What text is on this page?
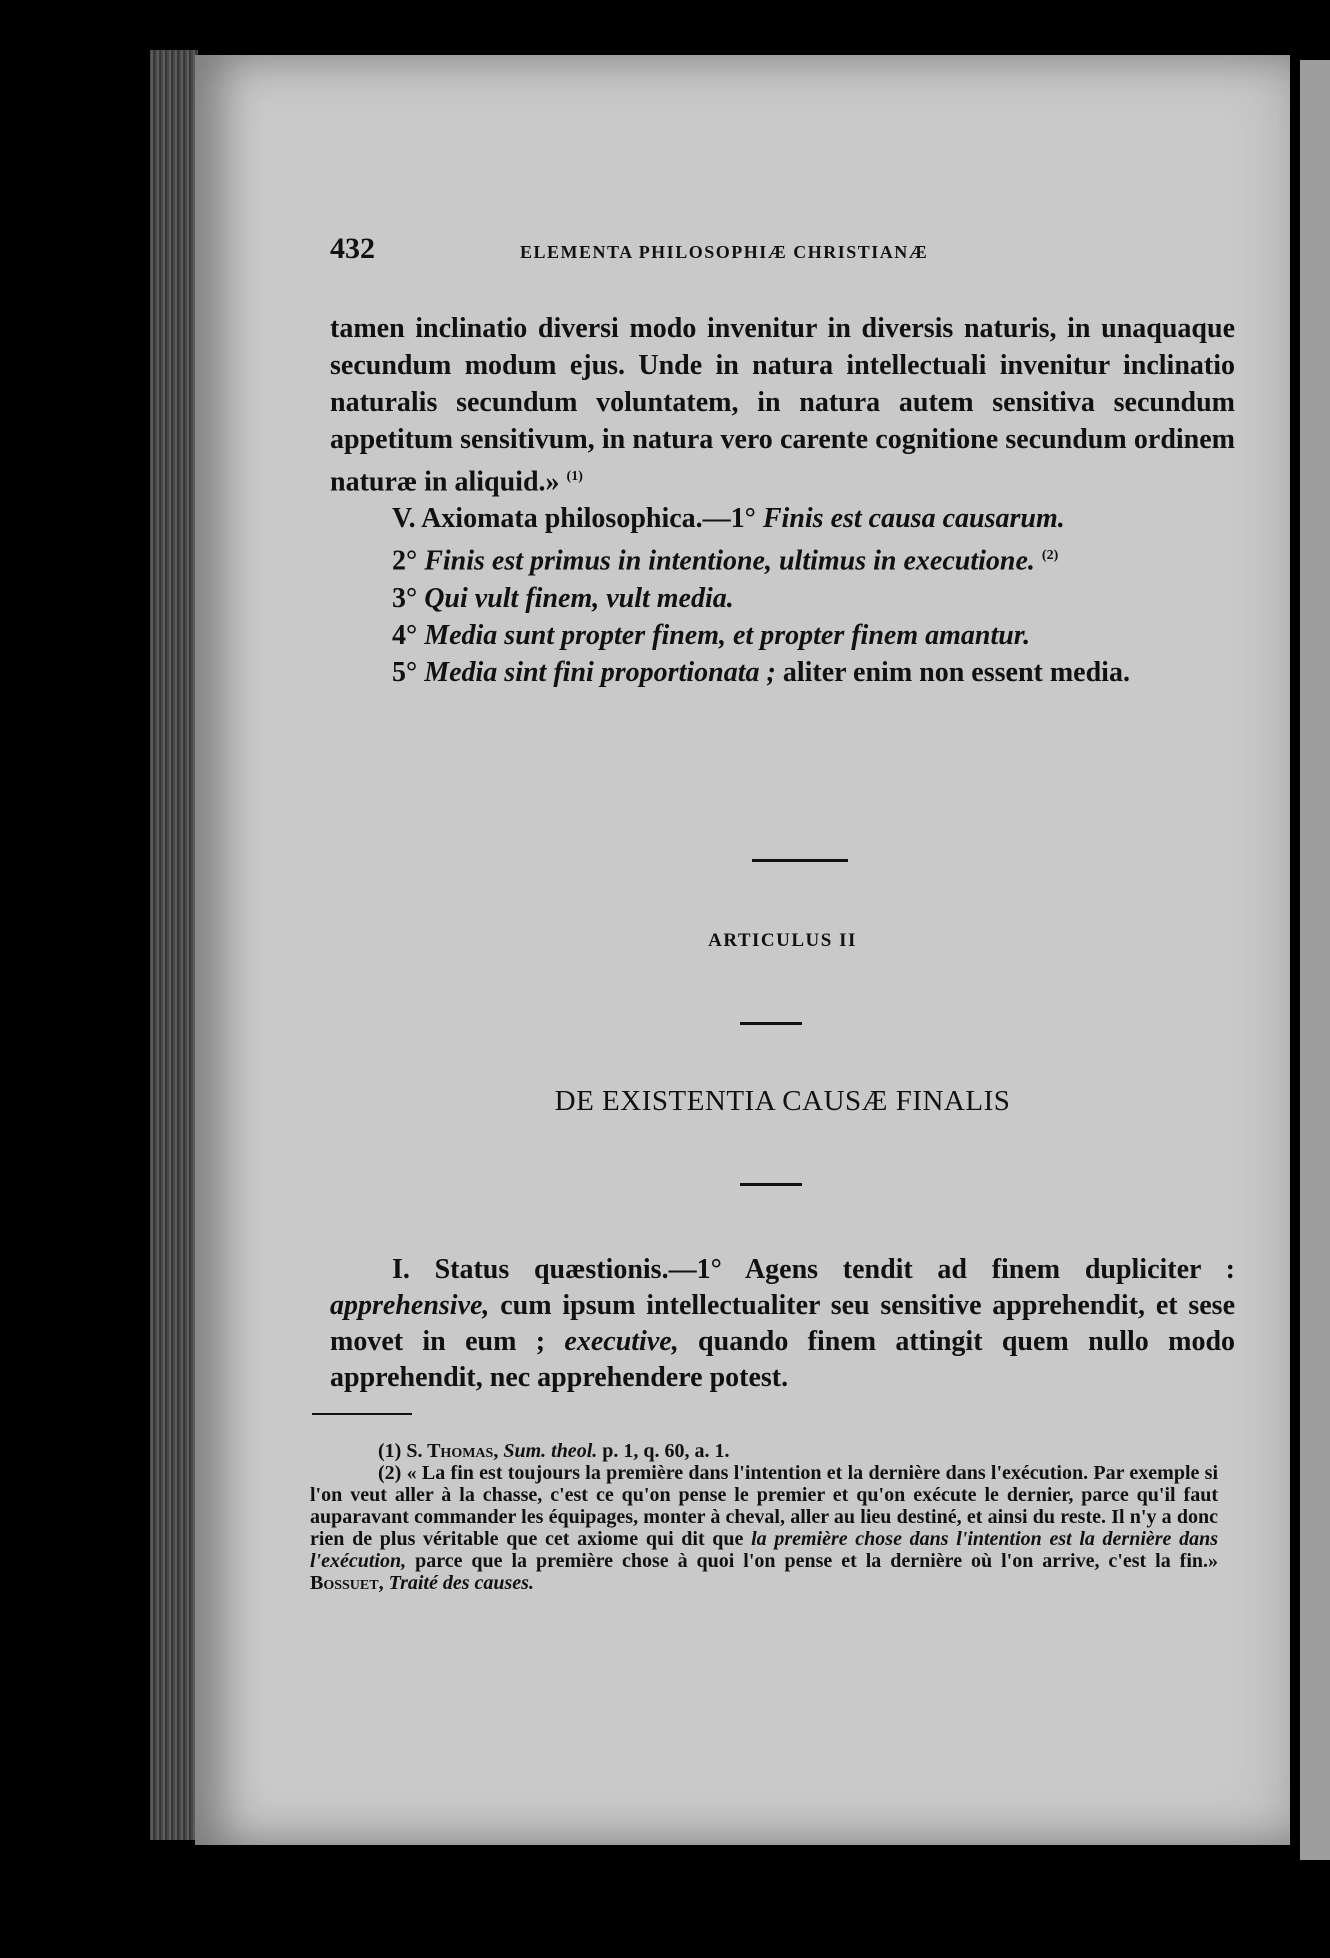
432	ELEMENTA PHILOSOPHIÆ CHRISTIANÆ

tamen inclinatio diversi modo invenitur in diversis naturis, in unaquaque secundum modum ejus. Unde in natura intellectuali invenitur inclinatio naturalis secundum voluntatem, in natura autem sensitiva secundum appetitum sensitivum, in natura vero carente cognitione secundum ordinem naturæ in aliquid.» $^{(1)}$

V. Axiomata philosophica.—1° Finis est causa causarum.

2° Finis est primus in intentione, ultimus in executione. $^{(2)}$

3° Qui vult finem, vult media.

4° Media sunt propter finem, et propter finem amantur.

5° Media sint fini proportionata ; aliter enim non essent media.

ARTICULUS II
DE EXISTENTIA CAUSÆ FINALIS

I. Status quæstionis.—1° Agens tendit ad finem dupliciter : apprehensive, cum ipsum intellectualiter seu sensitive apprehendit, et sese movet in eum ; executive, quando finem attingit quem nullo modo apprehendit, nec apprehendere potest.

(1) S. Thomas, Sum. theol. p. 1, q. 60, a. 1.

(2) « La fin est toujours la première dans l'intention et la dernière dans l'exécution. Par exemple si l'on veut aller à la chasse, c'est ce qu'on pense le premier et qu'on exécute le dernier, parce qu'il faut auparavant commander les équipages, monter à cheval, aller au lieu destiné, et ainsi du reste. Il n'y a donc rien de plus véritable que cet axiome qui dit que la première chose dans l'intention est la dernière dans l'exécution, parce que la première chose à quoi l'on pense et la dernière où l'on arrive, c'est la fin.» Bossuet, Traité des causes.
